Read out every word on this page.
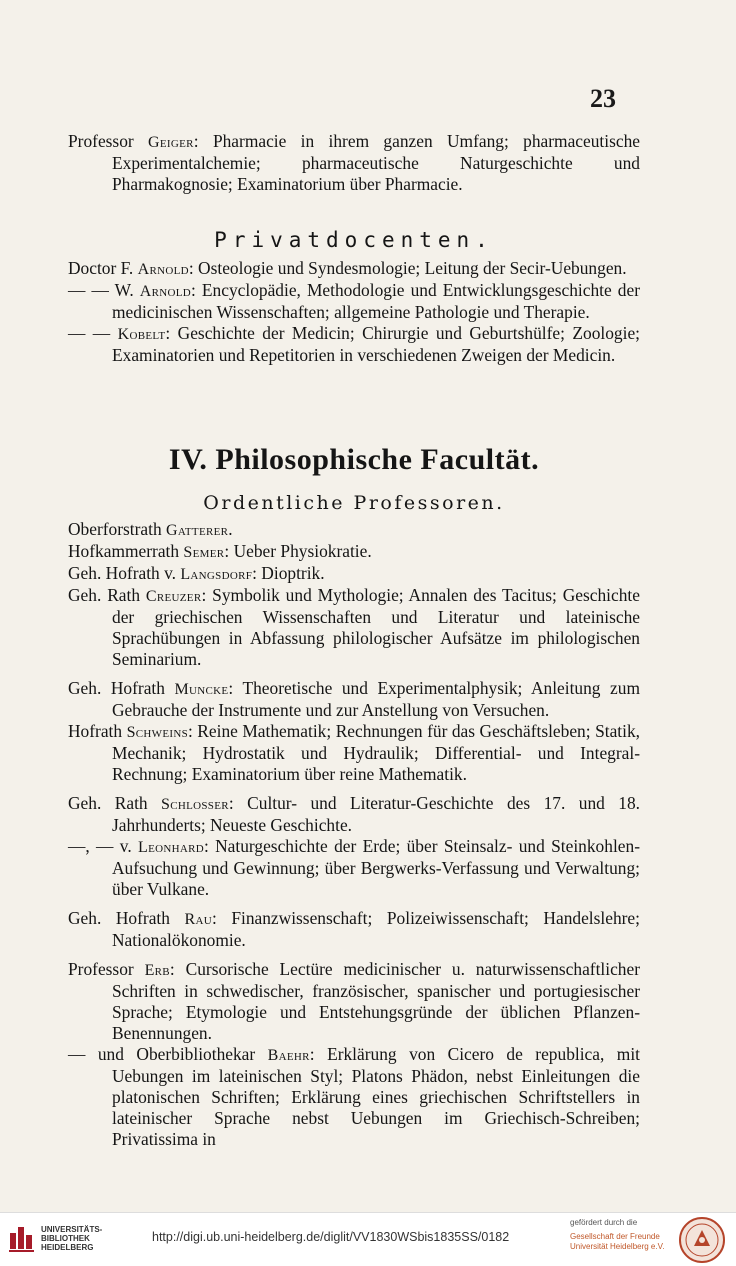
23

Professor Geiger: Pharmacie in ihrem ganzen Umfang; pharmaceutische Experimentalchemie; pharmaceutische Naturgeschichte und Pharmakognosie; Examinatorium über Pharmacie.

Privatdocenten.

Doctor F. Arnold: Osteologie und Syndesmologie; Leitung der Secir-Uebungen.

— — W. Arnold: Encyclopädie, Methodologie und Entwicklungsgeschichte der medicinischen Wissenschaften; allgemeine Pathologie und Therapie.

— — Kobelt: Geschichte der Medicin; Chirurgie und Geburtshülfe; Zoologie; Examinatorien und Repetitorien in verschiedenen Zweigen der Medicin.

IV. Philosophische Facultät.

Ordentliche Professoren.

Oberforstrath Gatterer.

Hofkammerrath Semer: Ueber Physiokratie.

Geh. Hofrath v. Langsdorf: Dioptrik.

Geh. Rath Creuzer: Symbolik und Mythologie; Annalen des Tacitus; Geschichte der griechischen Wissenschaften und Literatur und lateinische Sprachübungen in Abfassung philologischer Aufsätze im philologischen Seminarium.

Geh. Hofrath Muncke: Theoretische und Experimentalphysik; Anleitung zum Gebrauche der Instrumente und zur Anstellung von Versuchen.

Hofrath Schweins: Reine Mathematik; Rechnungen für das Geschäftsleben; Statik, Mechanik; Hydrostatik und Hydraulik; Differential- und Integral-Rechnung; Examinatorium über reine Mathematik.

Geh. Rath Schlosser: Cultur- und Literatur-Geschichte des 17. und 18. Jahrhunderts; Neueste Geschichte.

—, — v. Leonhard: Naturgeschichte der Erde; über Steinsalz- und Steinkohlen-Aufsuchung und Gewinnung; über Bergwerks-Verfassung und Verwaltung; über Vulkane.

Geh. Hofrath Rau: Finanzwissenschaft; Polizeiwissenschaft; Handelslehre; Nationalökonomie.

Professor Erb: Cursorische Lectüre medicinischer u. naturwissenschaftlicher Schriften in schwedischer, französischer, spanischer und portugiesischer Sprache; Etymologie und Entstehungsgründe der üblichen Pflanzen-Benennungen.

— und Oberbibliothekar Baehr: Erklärung von Cicero de republica, mit Uebungen im lateinischen Styl; Platons Phädon, nebst Einleitungen die platonischen Schriften; Erklärung eines griechischen Schriftstellers in lateinischer Sprache nebst Uebungen im Griechisch-Schreiben; Privatissima in

UNIVERSITÄTS-
BIBLIOTHEK
HEIDELBERG
http://digi.ub.uni-heidelberg.de/diglit/VV1830WSbis1835SS/0182
gefördert durch die
Gesellschaft der Freunde
Universität Heidelberg e.V.
